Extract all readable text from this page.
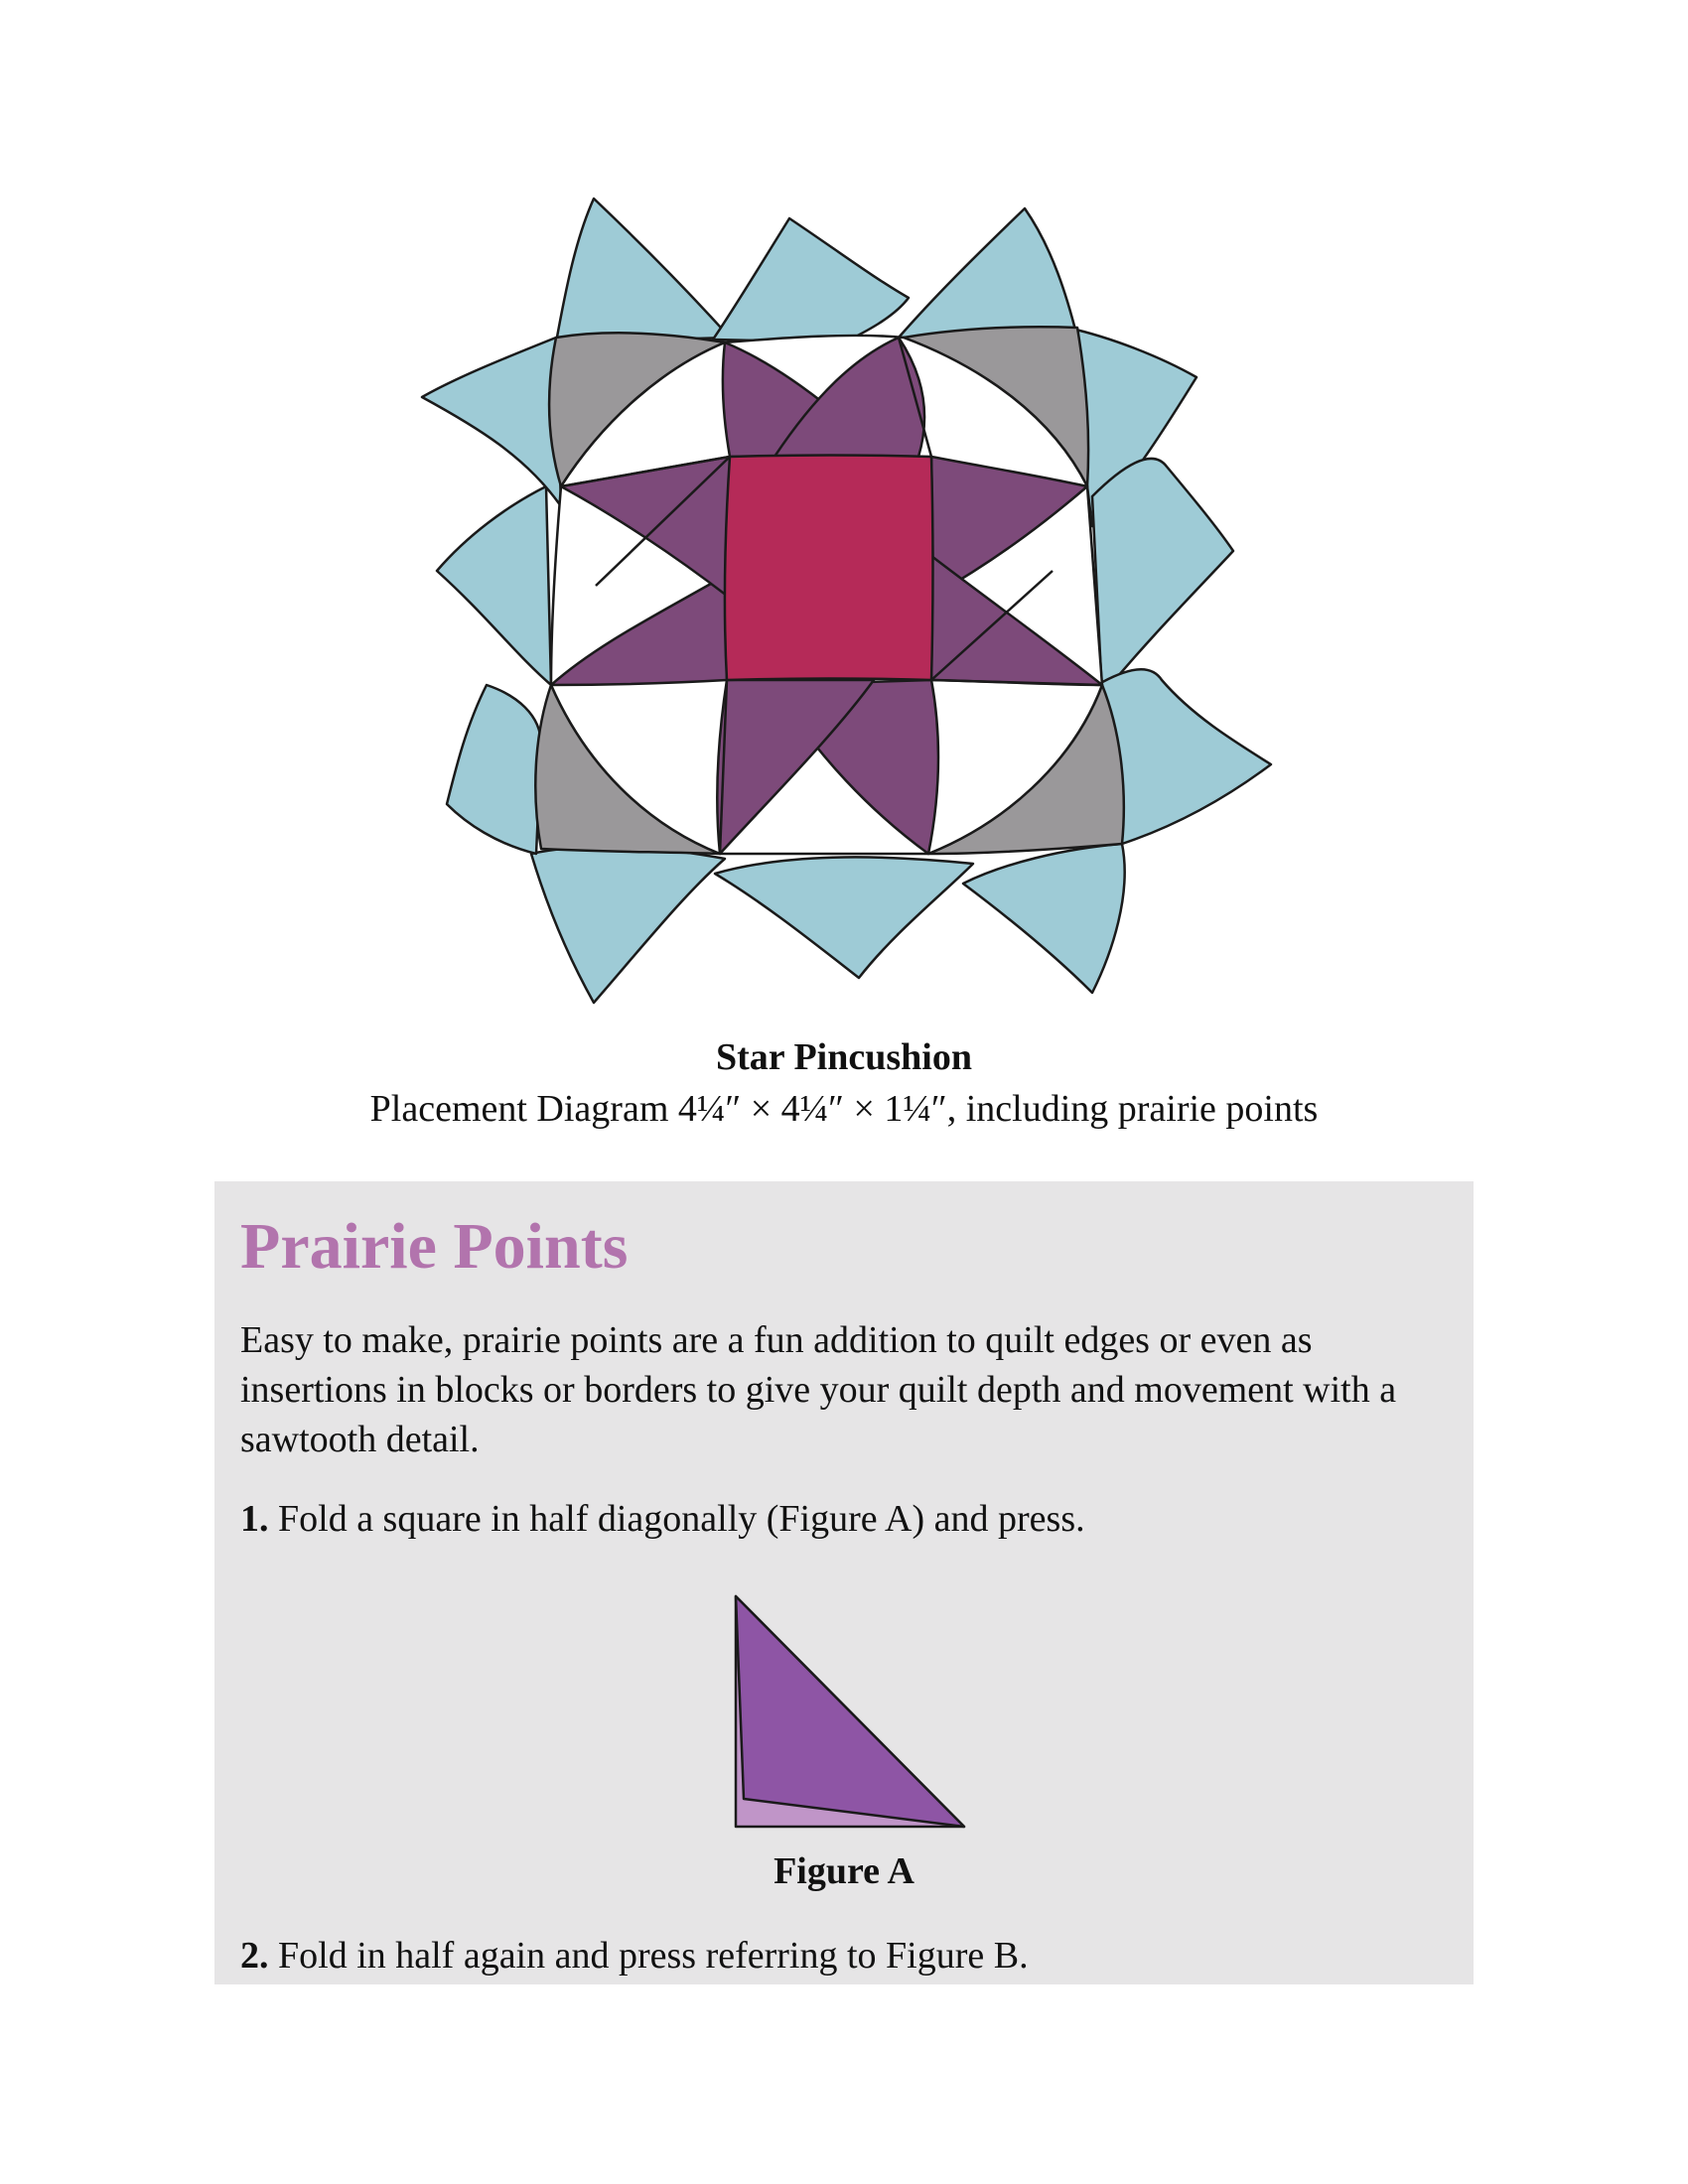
Star Pincushion
Placement Diagram 4¼″ × 4¼″ × 1¼″, including prairie points
Prairie Points
Easy to make, prairie points are a fun addition to quilt edges or even as insertions in blocks or borders to give your quilt depth and movement with a sawtooth detail.
1. Fold a square in half diagonally (Figure A) and press.
Figure A
2. Fold in half again and press referring to Figure B.
